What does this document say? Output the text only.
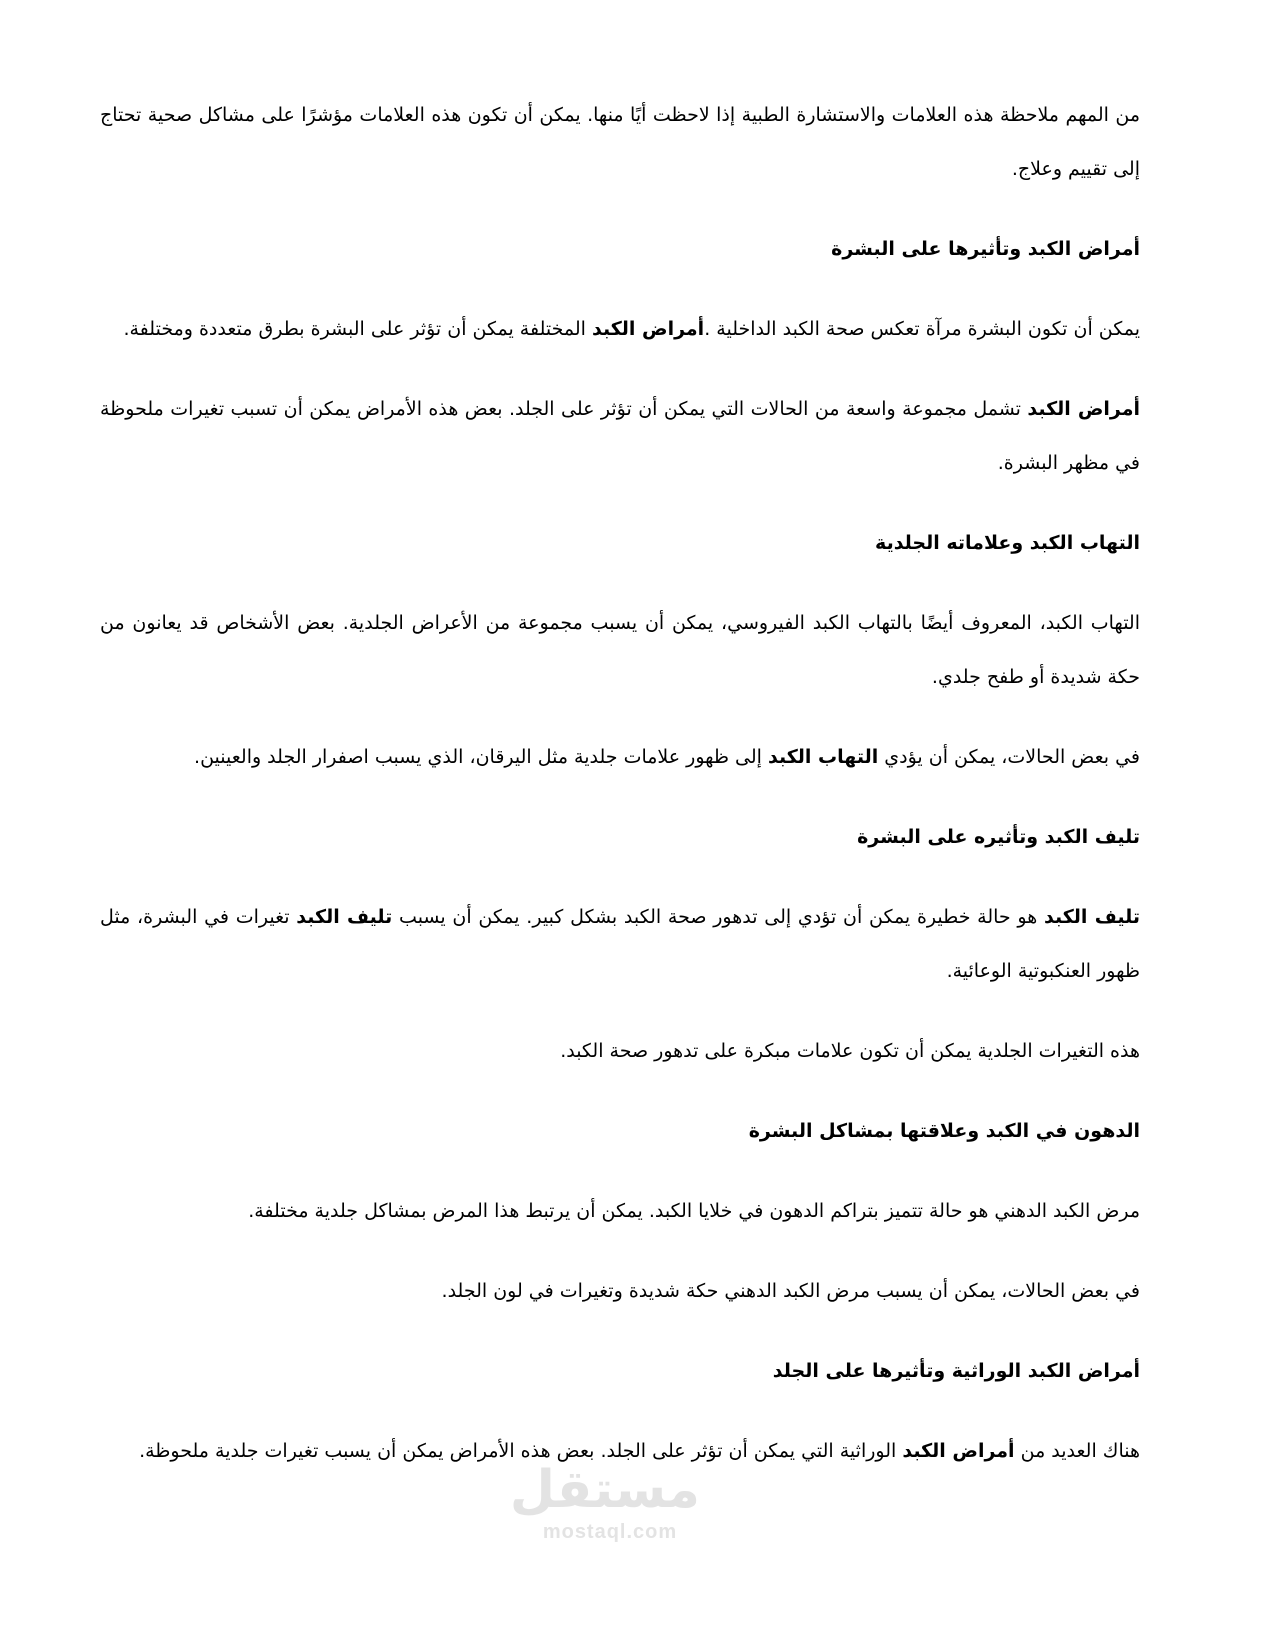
من المهم ملاحظة هذه العلامات والاستشارة الطبية إذا لاحظت أيًا منها. يمكن أن تكون هذه العلامات مؤشرًا على مشاكل صحية تحتاج إلى تقييم وعلاج.

أمراض الكبد وتأثيرها على البشرة

يمكن أن تكون البشرة مرآة تعكس صحة الكبد الداخلية .أمراض الكبد المختلفة يمكن أن تؤثر على البشرة بطرق متعددة ومختلفة.

أمراض الكبد تشمل مجموعة واسعة من الحالات التي يمكن أن تؤثر على الجلد. بعض هذه الأمراض يمكن أن تسبب تغيرات ملحوظة في مظهر البشرة.

التهاب الكبد وعلاماته الجلدية

التهاب الكبد، المعروف أيضًا بالتهاب الكبد الفيروسي، يمكن أن يسبب مجموعة من الأعراض الجلدية. بعض الأشخاص قد يعانون من حكة شديدة أو طفح جلدي.

في بعض الحالات، يمكن أن يؤدي التهاب الكبد إلى ظهور علامات جلدية مثل اليرقان، الذي يسبب اصفرار الجلد والعينين.

تليف الكبد وتأثيره على البشرة

تليف الكبد هو حالة خطيرة يمكن أن تؤدي إلى تدهور صحة الكبد بشكل كبير. يمكن أن يسبب تليف الكبد تغيرات في البشرة، مثل ظهور العنكبوتية الوعائية.

هذه التغيرات الجلدية يمكن أن تكون علامات مبكرة على تدهور صحة الكبد.

الدهون في الكبد وعلاقتها بمشاكل البشرة

مرض الكبد الدهني هو حالة تتميز بتراكم الدهون في خلايا الكبد. يمكن أن يرتبط هذا المرض بمشاكل جلدية مختلفة.

في بعض الحالات، يمكن أن يسبب مرض الكبد الدهني حكة شديدة وتغيرات في لون الجلد.

أمراض الكبد الوراثية وتأثيرها على الجلد

هناك العديد من أمراض الكبد الوراثية التي يمكن أن تؤثر على الجلد. بعض هذه الأمراض يمكن أن يسبب تغيرات جلدية ملحوظة.

مستقل
mostaql.com
